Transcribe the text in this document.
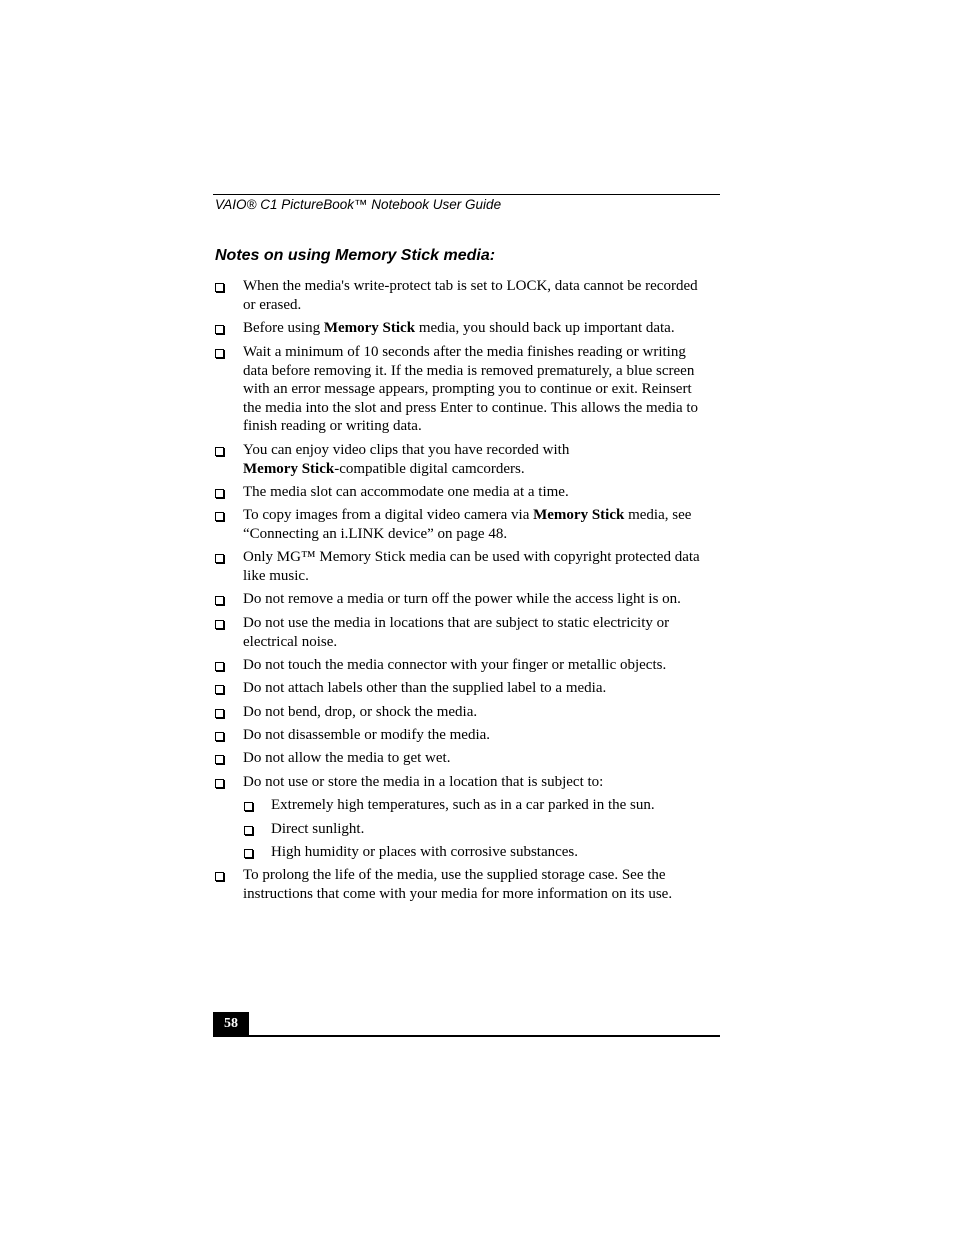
VAIO® C1 PictureBook™ Notebook User Guide
Notes on using Memory Stick media:
When the media's write-protect tab is set to LOCK, data cannot be recorded
or erased.
Before using Memory Stick media, you should back up important data.
Wait a minimum of 10 seconds after the media finishes reading or writing
data before removing it. If the media is removed prematurely, a blue screen
with an error message appears, prompting you to continue or exit. Reinsert
the media into the slot and press Enter to continue. This allows the media to
finish reading or writing data.
You can enjoy video clips that you have recorded with
Memory Stick-compatible digital camcorders.
The media slot can accommodate one media at a time.
To copy images from a digital video camera via Memory Stick media, see
“Connecting an i.LINK device” on page 48.
Only MG™ Memory Stick media can be used with copyright protected data
like music.
Do not remove a media or turn off the power while the access light is on.
Do not use the media in locations that are subject to static electricity or
electrical noise.
Do not touch the media connector with your finger or metallic objects.
Do not attach labels other than the supplied label to a media.
Do not bend, drop, or shock the media.
Do not disassemble or modify the media.
Do not allow the media to get wet.
Do not use or store the media in a location that is subject to:
Extremely high temperatures, such as in a car parked in the sun.
Direct sunlight.
High humidity or places with corrosive substances.
To prolong the life of the media, use the supplied storage case. See the
instructions that come with your media for more information on its use.
58
